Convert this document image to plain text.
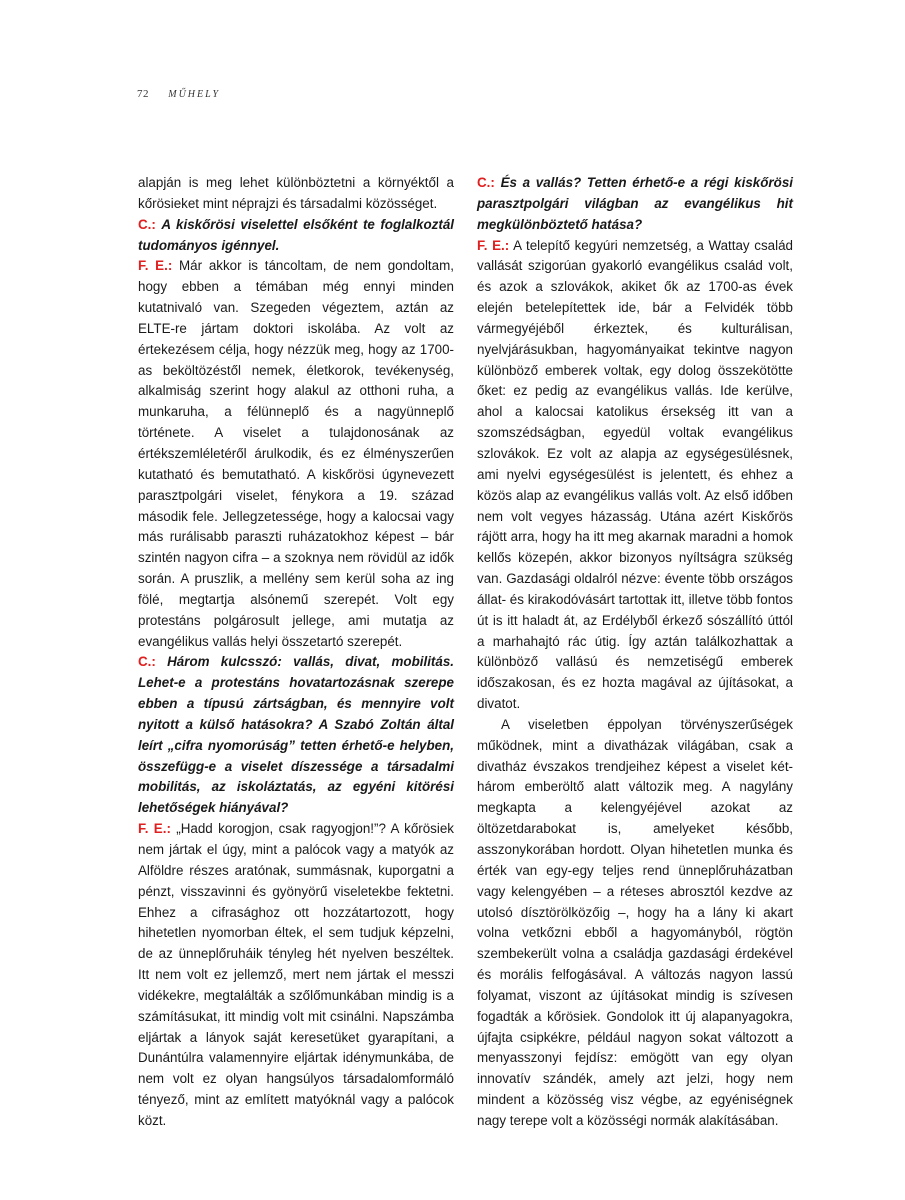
72 MŰHELY

alapján is meg lehet különböztetni a környéktől a kőrösieket mint néprajzi és társadalmi közösséget.

C.: A kiskőrösi viselettel elsőként te foglalkoztál tudományos igénnyel.

F. E.: Már akkor is táncoltam, de nem gondoltam, hogy ebben a témában még ennyi minden kutatnivaló van. Szegeden végeztem, aztán az ELTE-re jártam doktori iskolába. Az volt az értekezésem célja, hogy nézzük meg, hogy az 1700-as beköltözéstől nemek, életkorok, tevékenység, alkalmiság szerint hogy alakul az otthoni ruha, a munkaruha, a félünneplő és a nagyünneplő története. A viselet a tulajdonosának az értékszemléletéről árulkodik, és ez élményszerűen kutatható és bemutatható. A kiskőrösi úgynevezett parasztpolgári viselet, fénykora a 19. század második fele. Jellegzetessége, hogy a kalocsai vagy más rurálisabb paraszti ruházatokhoz képest – bár szintén nagyon cifra – a szoknya nem rövidül az idők során. A pruszlik, a mellény sem kerül soha az ing fölé, megtartja alsónemű szerepét. Volt egy protestáns polgárosult jellege, ami mutatja az evangélikus vallás helyi összetartó szerepét.

C.: Három kulcsszó: vallás, divat, mobilitás. Lehet-e a protestáns hovatartozásnak szerepe ebben a típusú zártságban, és mennyire volt nyitott a külső hatásokra? A Szabó Zoltán által leírt „cifra nyomorúság” tetten érhető-e helyben, összefügg-e a viselet díszessége a társadalmi mobilitás, az iskoláztatás, az egyéni kitörési lehetőségek hiányával?

F. E.: „Hadd korogjon, csak ragyogjon!”? A kőrösiek nem jártak el úgy, mint a palócok vagy a matyók az Alföldre részes aratónak, summásnak, kuporgatni a pénzt, visszavinni és gyönyörű viseletekbe fektetni. Ehhez a cifrasághoz ott hozzátartozott, hogy hihetetlen nyomorban éltek, el sem tudjuk képzelni, de az ünneplőruháik tényleg hét nyelven beszéltek. Itt nem volt ez jellemző, mert nem jártak el messzi vidékekre, megtalálták a szőlőmunkában mindig is a számításukat, itt mindig volt mit csinálni. Napszámba eljártak a lányok saját keresetüket gyarapítani, a Dunántúlra valamennyire eljártak idénymunkába, de nem volt ez olyan hangsúlyos társadalomformáló tényező, mint az említett matyóknál vagy a palócok közt.

C.: És a vallás? Tetten érhető-e a régi kiskőrösi parasztpolgári világban az evangélikus hit megkülönböztető hatása?

F. E.: A telepítő kegyúri nemzetség, a Wattay család vallását szigorúan gyakorló evangélikus család volt, és azok a szlovákok, akiket ők az 1700-as évek elején betelepítettek ide, bár a Felvidék több vármegyéjéből érkeztek, és kulturálisan, nyelvjárásukban, hagyományaikat tekintve nagyon különböző emberek voltak, egy dolog összekötötte őket: ez pedig az evangélikus vallás. Ide kerülve, ahol a kalocsai katolikus érsekség itt van a szomszédságban, egyedül voltak evangélikus szlovákok. Ez volt az alapja az egységesülésnek, ami nyelvi egységesülést is jelentett, és ehhez a közös alap az evangélikus vallás volt. Az első időben nem volt vegyes házasság. Utána azért Kiskőrös rájött arra, hogy ha itt meg akarnak maradni a homok kellős közepén, akkor bizonyos nyíltságra szükség van. Gazdasági oldalról nézve: évente több országos állat- és kirakodóvásárt tartottak itt, illetve több fontos út is itt haladt át, az Erdélyből érkező sószállító úttól a marhahajtó rác útig. Így aztán találkozhattak a különböző vallású és nemzetiségű emberek időszakosan, és ez hozta magával az újításokat, a divatot.

A viseletben éppolyan törvényszerűségek működnek, mint a divatházak világában, csak a divatház évszakos trendjeihez képest a viselet két-három emberöltő alatt változik meg. A nagylány megkapta a kelengyéjével azokat az öltözetdarabokat is, amelyeket később, asszonykorában hordott. Olyan hihetetlen munka és érték van egy-egy teljes rend ünneplőruházatban vagy kelengyében – a réteses abrosztól kezdve az utolsó dísztörölközőig –, hogy ha a lány ki akart volna vetkőzni ebből a hagyományból, rögtön szembekerült volna a családja gazdasági érdekével és morális felfogásával. A változás nagyon lassú folyamat, viszont az újításokat mindig is szívesen fogadták a kőrösiek. Gondolok itt új alapanyagokra, újfajta csipkékre, például nagyon sokat változott a menyasszonyi fejdísz: emögött van egy olyan innovatív szándék, amely azt jelzi, hogy nem mindent a közösség visz végbe, az egyéniségnek nagy terepe volt a közösségi normák alakításában.
